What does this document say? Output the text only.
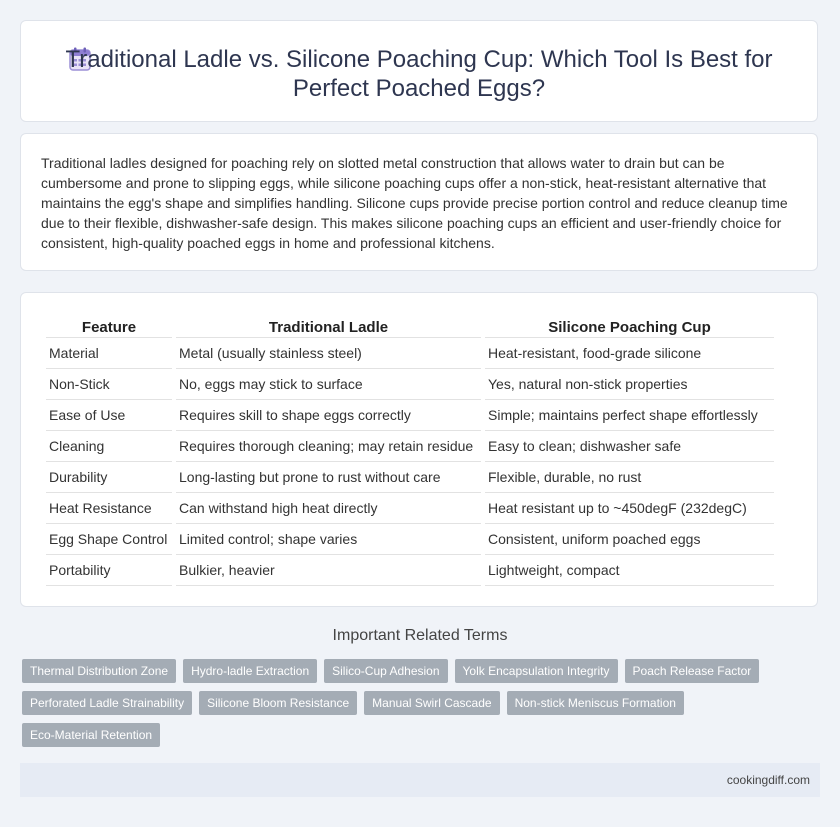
Traditional Ladle vs. Silicone Poaching Cup: Which Tool Is Best for Perfect Poached Eggs?
Traditional ladles designed for poaching rely on slotted metal construction that allows water to drain but can be cumbersome and prone to slipping eggs, while silicone poaching cups offer a non-stick, heat-resistant alternative that maintains the egg's shape and simplifies handling. Silicone cups provide precise portion control and reduce cleanup time due to their flexible, dishwasher-safe design. This makes silicone poaching cups an efficient and user-friendly choice for consistent, high-quality poached eggs in home and professional kitchens.
Feature	Traditional Ladle	Silicone Poaching Cup
Material	Metal (usually stainless steel)	Heat-resistant, food-grade silicone
Non-Stick	No, eggs may stick to surface	Yes, natural non-stick properties
Ease of Use	Requires skill to shape eggs correctly	Simple; maintains perfect shape effortlessly
Cleaning	Requires thorough cleaning; may retain residue	Easy to clean; dishwasher safe
Durability	Long-lasting but prone to rust without care	Flexible, durable, no rust
Heat Resistance	Can withstand high heat directly	Heat resistant up to ~450degF (232degC)
Egg Shape Control	Limited control; shape varies	Consistent, uniform poached eggs
Portability	Bulkier, heavier	Lightweight, compact
Important Related Terms
Thermal Distribution Zone	Hydro-ladle Extraction	Silico-Cup Adhesion	Yolk Encapsulation Integrity	Poach Release Factor
Perforated Ladle Strainability	Silicone Bloom Resistance	Manual Swirl Cascade	Non-stick Meniscus Formation
Eco-Material Retention
cookingdiff.com
